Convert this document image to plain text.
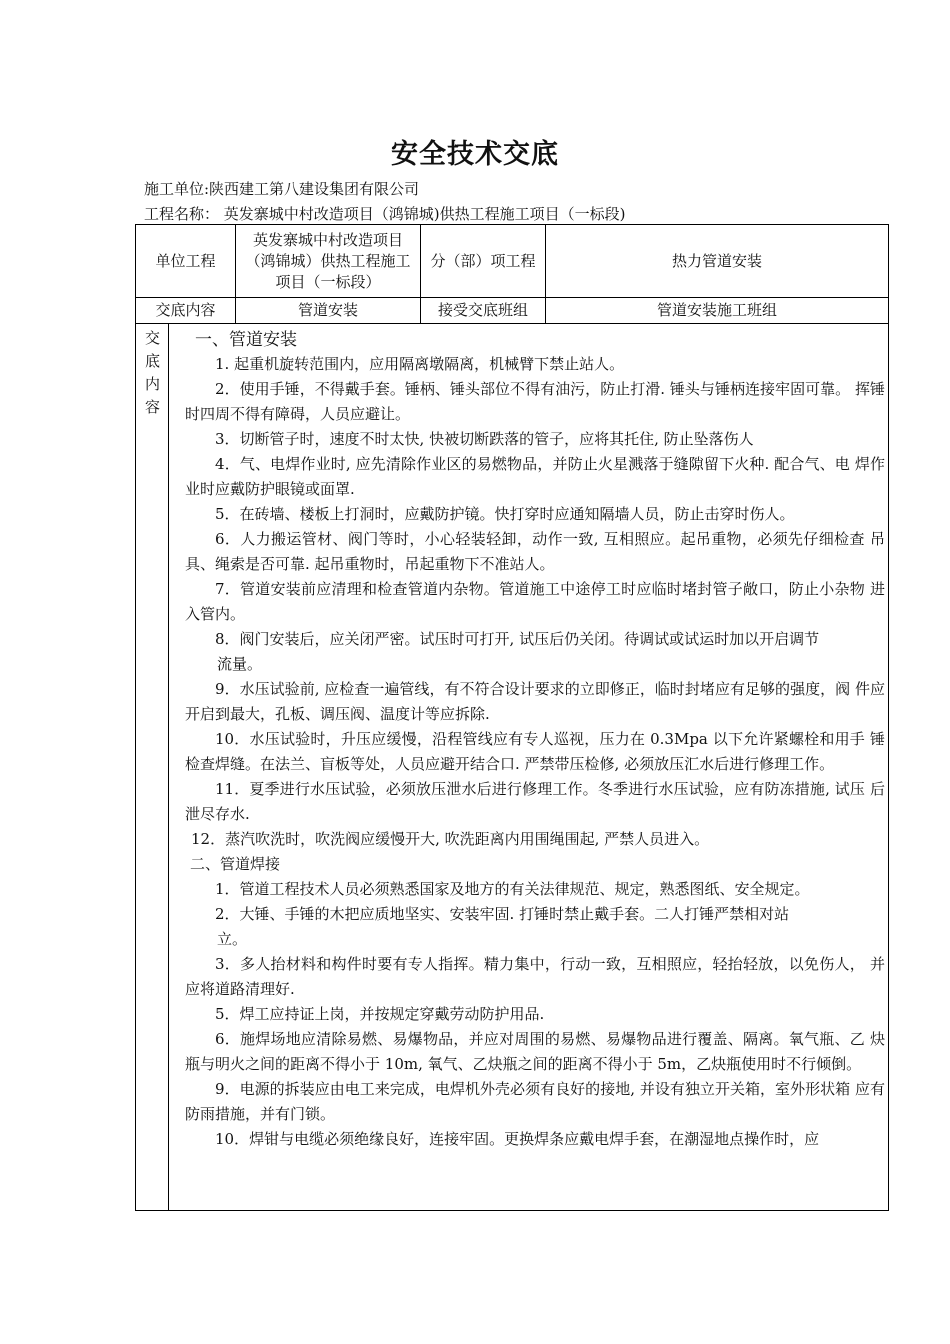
安全技术交底
施工单位:陕西建工第八建设集团有限公司
工程名称： 英发寨城中村改造项目（鸿锦城)供热工程施工项目（一标段)
单位工程	英发寨城中村改造项目（鸿锦城）供热工程施工项目（一标段）	分（部）项工程	热力管道安装
交底内容	管道安装	接受交底班组	管道安装施工班组
交
底
内
容
一、管道安装
1. 起重机旋转范围内，应用隔离墩隔离，机械臂下禁止站人。
2．使用手锤，不得戴手套。锤柄、锤头部位不得有油污，防止打滑. 锤头与锤柄连接牢固可靠。 挥锤时四周不得有障碍，人员应避让。
3．切断管子时，速度不时太快, 快被切断跌落的管子，应将其托住, 防止坠落伤人
4．气、电焊作业时, 应先清除作业区的易燃物品，并防止火星溅落于缝隙留下火种. 配合气、电 焊作业时应戴防护眼镜或面罩.
5．在砖墙、楼板上打洞时，应戴防护镜。快打穿时应通知隔墙人员，防止击穿时伤人。
6．人力搬运管材、阀门等时，小心轻装轻卸，动作一致, 互相照应。起吊重物，必须先仔细检查 吊具、绳索是否可靠. 起吊重物时，吊起重物下不准站人。
7．管道安装前应清理和检查管道内杂物。管道施工中途停工时应临时堵封管子敞口，防止小杂物 进入管内。
8．阀门安装后，应关闭严密。试压时可打开, 试压后仍关闭。待调试或试运时加以开启调节
流量。
9．水压试验前, 应检查一遍管线，有不符合设计要求的立即修正，临时封堵应有足够的强度，阀 件应开启到最大，孔板、调压阀、温度计等应拆除.
10．水压试验时，升压应缓慢，沿程管线应有专人巡视，压力在 0.3Mpa 以下允许紧螺栓和用手 锤 检查焊缝。在法兰、盲板等处，人员应避开结合口. 严禁带压检修, 必须放压汇水后进行修理工作。
11．夏季进行水压试验，必须放压泄水后进行修理工作。冬季进行水压试验，应有防冻措施, 试压 后泄尽存水.
12．蒸汽吹洗时，吹洗阀应缓慢开大, 吹洗距离内用围绳围起, 严禁人员进入。
二、管道焊接
1．管道工程技术人员必须熟悉国家及地方的有关法律规范、规定，熟悉图纸、安全规定。
2．大锤、手锤的木把应质地坚实、安装牢固. 打锤时禁止戴手套。二人打锤严禁相对站
立。
3．多人抬材料和构件时要有专人指挥。精力集中，行动一致，互相照应，轻抬轻放，以免伤人， 并应将道路清理好.
5．焊工应持证上岗，并按规定穿戴劳动防护用品.
6．施焊场地应清除易燃、易爆物品，并应对周围的易燃、易爆物品进行覆盖、隔离。氧气瓶、乙 炔瓶与明火之间的距离不得小于 10m, 氧气、乙炔瓶之间的距离不得小于 5m，乙炔瓶使用时不行倾倒。
9．电源的拆装应由电工来完成，电焊机外壳必须有良好的接地, 并设有独立开关箱，室外形状箱 应有防雨措施，并有门锁。
10．焊钳与电缆必须绝缘良好，连接牢固。更换焊条应戴电焊手套，在潮湿地点操作时，应
